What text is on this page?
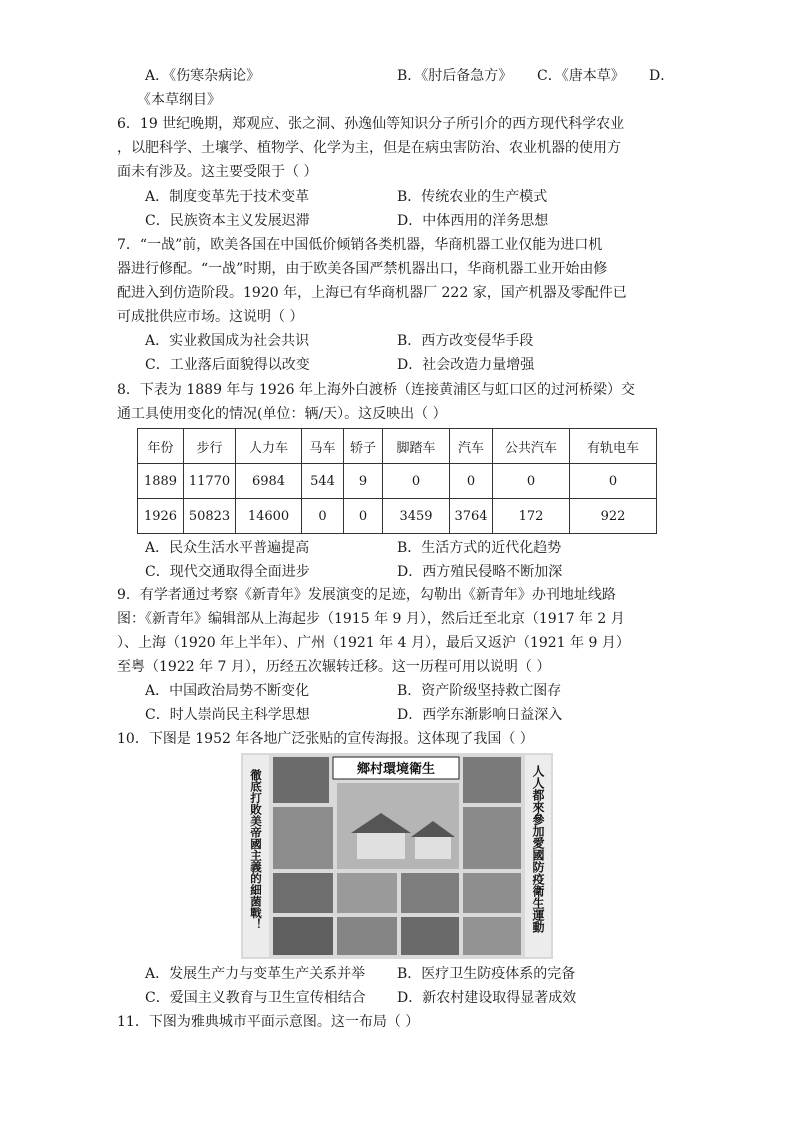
A．《伤寒杂病论》	B．《肘后备急方》 C．《唐本草》 D．
《本草纲目》
6．19 世纪晚期，郑观应、张之洞、孙逸仙等知识分子所引介的西方现代科学农业
，以肥科学、土壤学、植物学、化学为主，但是在病虫害防治、农业机器的使用方
面未有涉及。这主要受限于（ ）
A．制度变革先于技术变革	B．传统农业的生产模式
C．民族资本主义发展迟滞	D．中体西用的洋务思想
7．“一战”前，欧美各国在中国低价倾销各类机器，华商机器工业仅能为进口机
器进行修配。“一战”时期，由于欧美各国严禁机器出口，华商机器工业开始由修
配进入到仿造阶段。1920 年，上海已有华商机器厂 222 家，国产机器及零配件已
可成批供应市场。这说明（ ）
A．实业救国成为社会共识	B．西方改变侵华手段
C．工业落后面貌得以改变	D．社会改造力量增强
8．下表为 1889 年与 1926 年上海外白渡桥（连接黄浦区与虹口区的过河桥梁）交
通工具使用变化的情况(单位：辆/天）。这反映出（ ）
年份	步行	人力车	马车	轿子	脚踏车	汽车	公共汽车	有轨电车
1889	11770	6984	544	9	0	0	0	0
1926	50823	14600	0	0	3459	3764	172	922
A．民众生活水平普遍提高	B．生活方式的近代化趋势
C．现代交通取得全面进步	D．西方殖民侵略不断加深
9．有学者通过考察《新青年》发展演变的足迹，勾勒出《新青年》办刊地址线路
图：《新青年》编辑部从上海起步（1915 年 9 月），然后迁至北京（1917 年 2 月
）、上海（1920 年上半年）、广州（1921 年 4 月），最后又返沪（1921 年 9 月）
至粤（1922 年 7 月），历经五次辗转迁移。这一历程可用以说明（ ）
A．中国政治局势不断变化	B．资产阶级坚持救亡图存
C．时人崇尚民主科学思想	D．西学东渐影响日益深入
10．下图是 1952 年各地广泛张贴的宣传海报。这体现了我国（ ）
鄉村環境衛生
徹底打敗美帝國主義的細菌戰！	人人都來參加愛國防疫衛生運動
A．发展生产力与变革生产关系并举 B．医疗卫生防疫体系的完备
C．爱国主义教育与卫生宣传相结合 D．新农村建设取得显著成效
11．下图为雅典城市平面示意图。这一布局（ ）
